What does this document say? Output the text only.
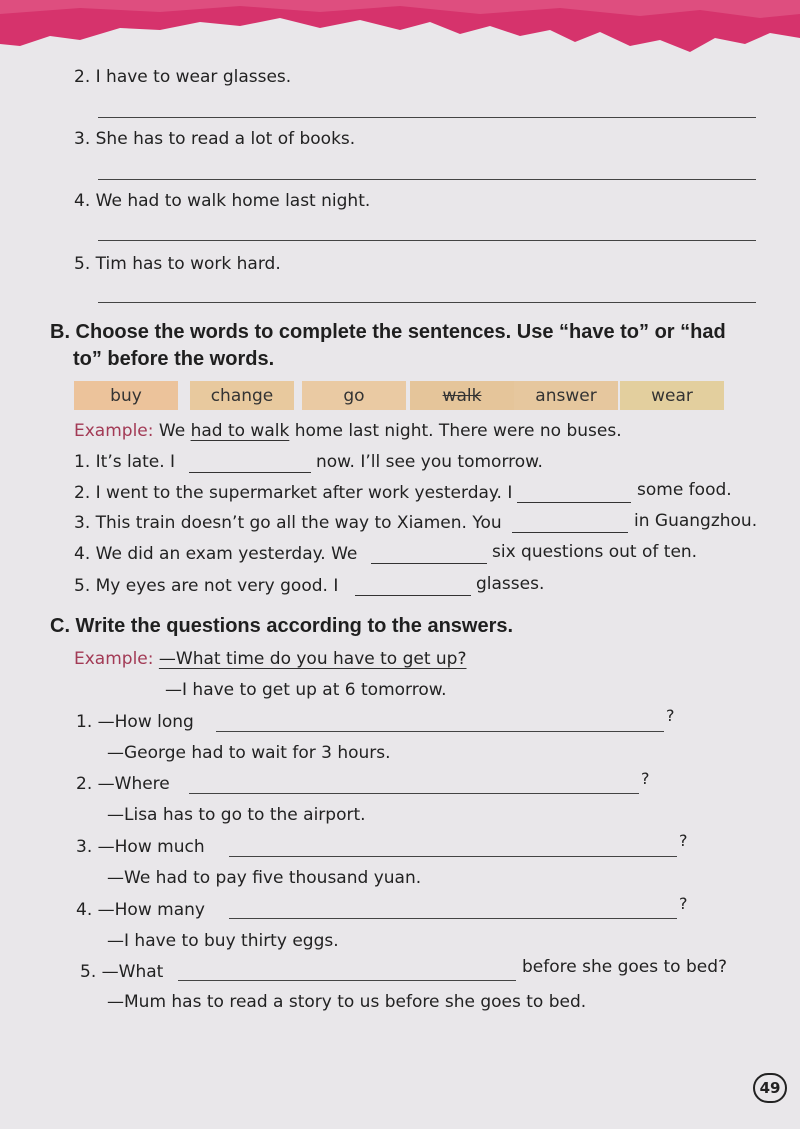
2. I have to wear glasses.
3. She has to read a lot of books.
4. We had to walk home last night.
5. Tim has to work hard.
B. Choose the words to complete the sentences. Use “have to” or “had
to” before the words.
buy	change	go	walk	answer	wear
Example: We had to walk home last night. There were no buses.
1. It’s late. I	now. I’ll see you tomorrow.
2. I went to the supermarket after work yesterday. I	some food.
3. This train doesn’t go all the way to Xiamen. You	in Guangzhou.
4. We did an exam yesterday. We	six questions out of ten.
5. My eyes are not very good. I	glasses.
C. Write the questions according to the answers.
Example: —What time do you have to get up?
—I have to get up at 6 tomorrow.
1. —How long	?
—George had to wait for 3 hours.
2. —Where	?
—Lisa has to go to the airport.
3. —How much	?
—We had to pay five thousand yuan.
4. —How many	?
—I have to buy thirty eggs.
5. —What	before she goes to bed?
—Mum has to read a story to us before she goes to bed.
49
